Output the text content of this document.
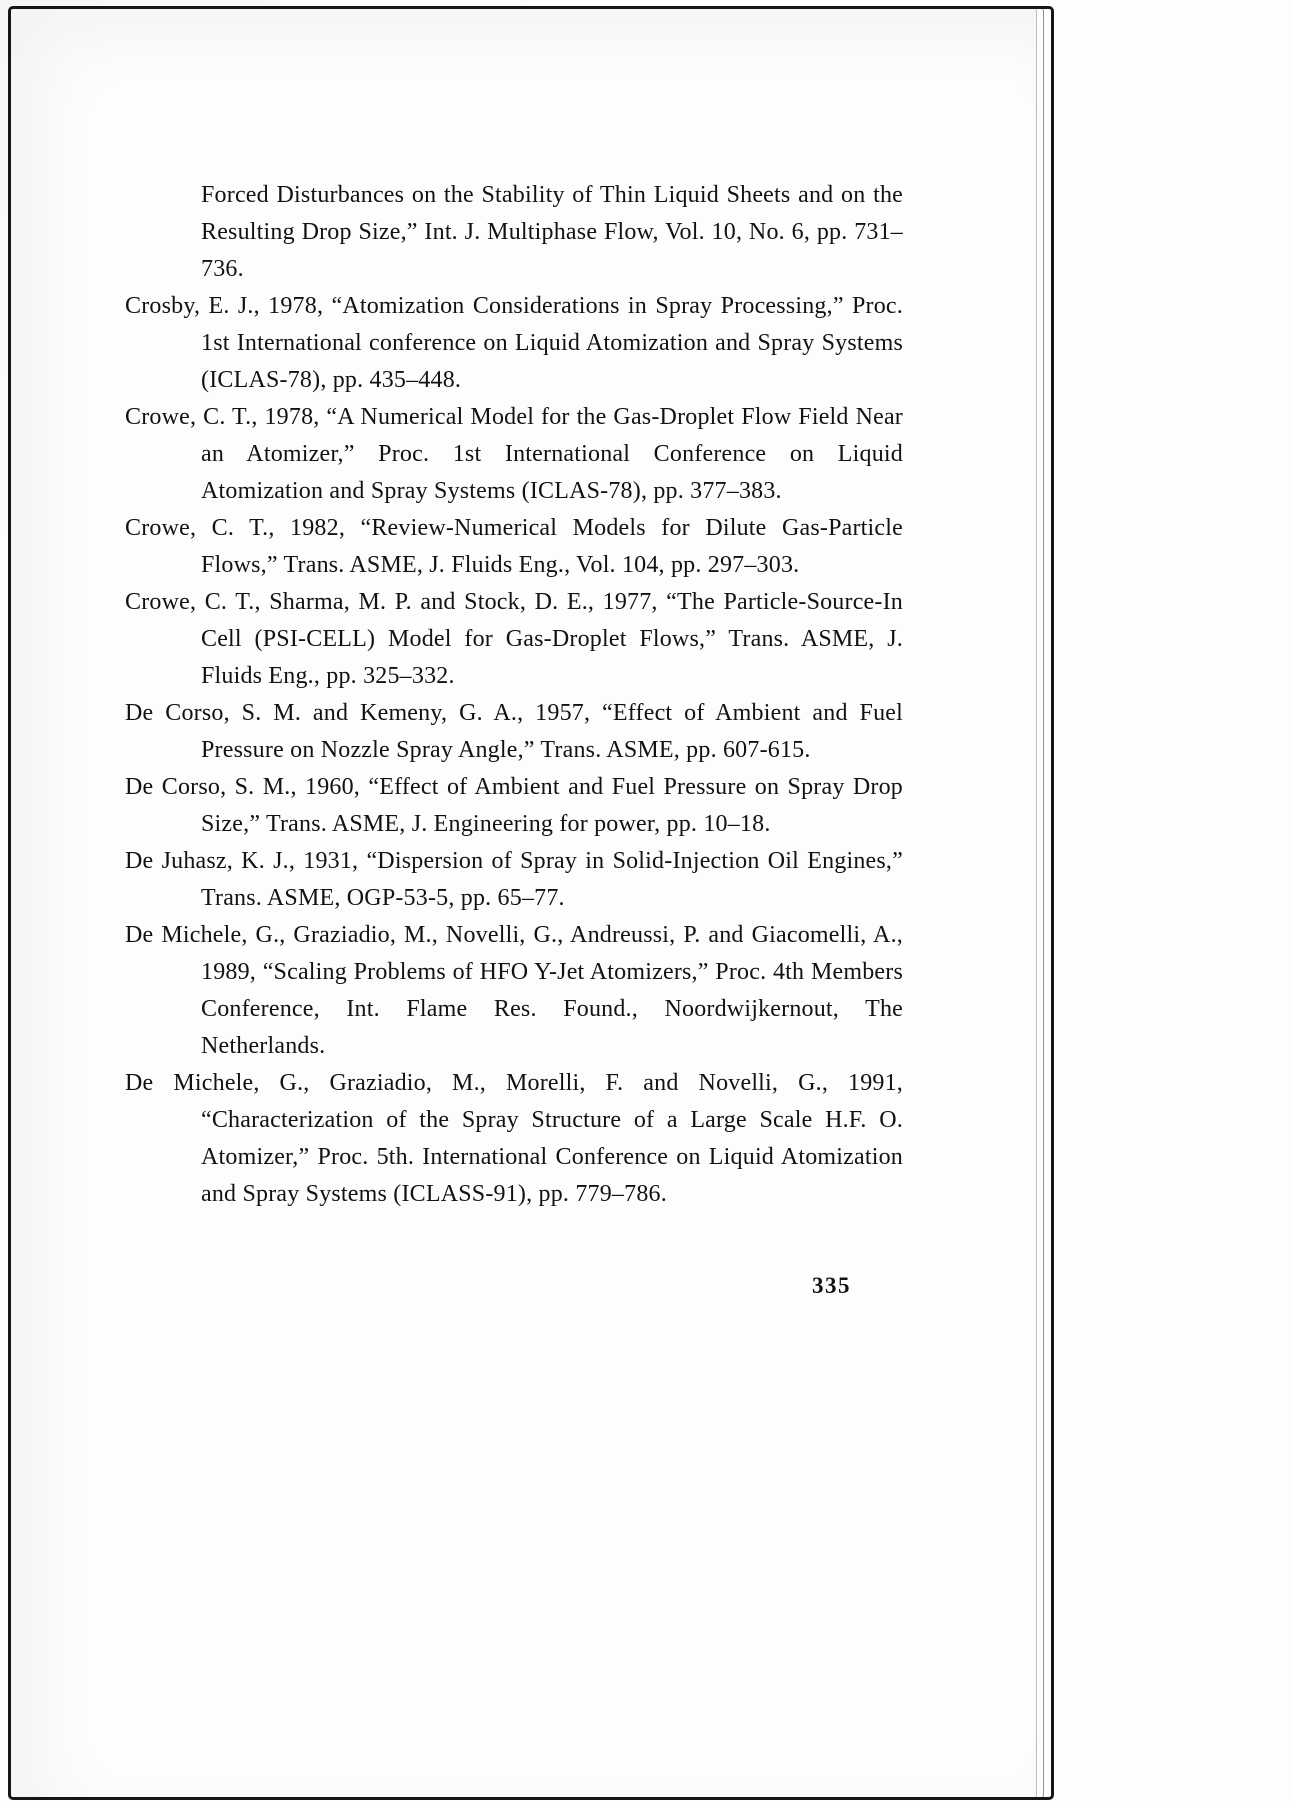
Forced Disturbances on the Stability of Thin Liquid Sheets and on the Resulting Drop Size,” Int. J. Multiphase Flow, Vol. 10, No. 6, pp. 731–736.

Crosby, E. J., 1978, “Atomization Considerations in Spray Processing,” Proc. 1st International conference on Liquid Atomization and Spray Systems (ICLAS-78), pp. 435–448.

Crowe, C. T., 1978, “A Numerical Model for the Gas-Droplet Flow Field Near an Atomizer,” Proc. 1st International Conference on Liquid Atomization and Spray Systems (ICLAS-78), pp. 377–383.

Crowe, C. T., 1982, “Review-Numerical Models for Dilute Gas-Particle Flows,” Trans. ASME, J. Fluids Eng., Vol. 104, pp. 297–303.

Crowe, C. T., Sharma, M. P. and Stock, D. E., 1977, “The Particle-Source-In Cell (PSI-CELL) Model for Gas-Droplet Flows,” Trans. ASME, J. Fluids Eng., pp. 325–332.

De Corso, S. M. and Kemeny, G. A., 1957, “Effect of Ambient and Fuel Pressure on Nozzle Spray Angle,” Trans. ASME, pp. 607-615.

De Corso, S. M., 1960, “Effect of Ambient and Fuel Pressure on Spray Drop Size,” Trans. ASME, J. Engineering for power, pp. 10–18.

De Juhasz, K. J., 1931, “Dispersion of Spray in Solid-Injection Oil Engines,” Trans. ASME, OGP-53-5, pp. 65–77.

De Michele, G., Graziadio, M., Novelli, G., Andreussi, P. and Giacomelli, A., 1989, “Scaling Problems of HFO Y-Jet Atomizers,” Proc. 4th Members Conference, Int. Flame Res. Found., Noordwijkernout, The Netherlands.

De Michele, G., Graziadio, M., Morelli, F. and Novelli, G., 1991, “Characterization of the Spray Structure of a Large Scale H.F. O. Atomizer,” Proc. 5th. International Conference on Liquid Atomization and Spray Systems (ICLASS-91), pp. 779–786.

335
